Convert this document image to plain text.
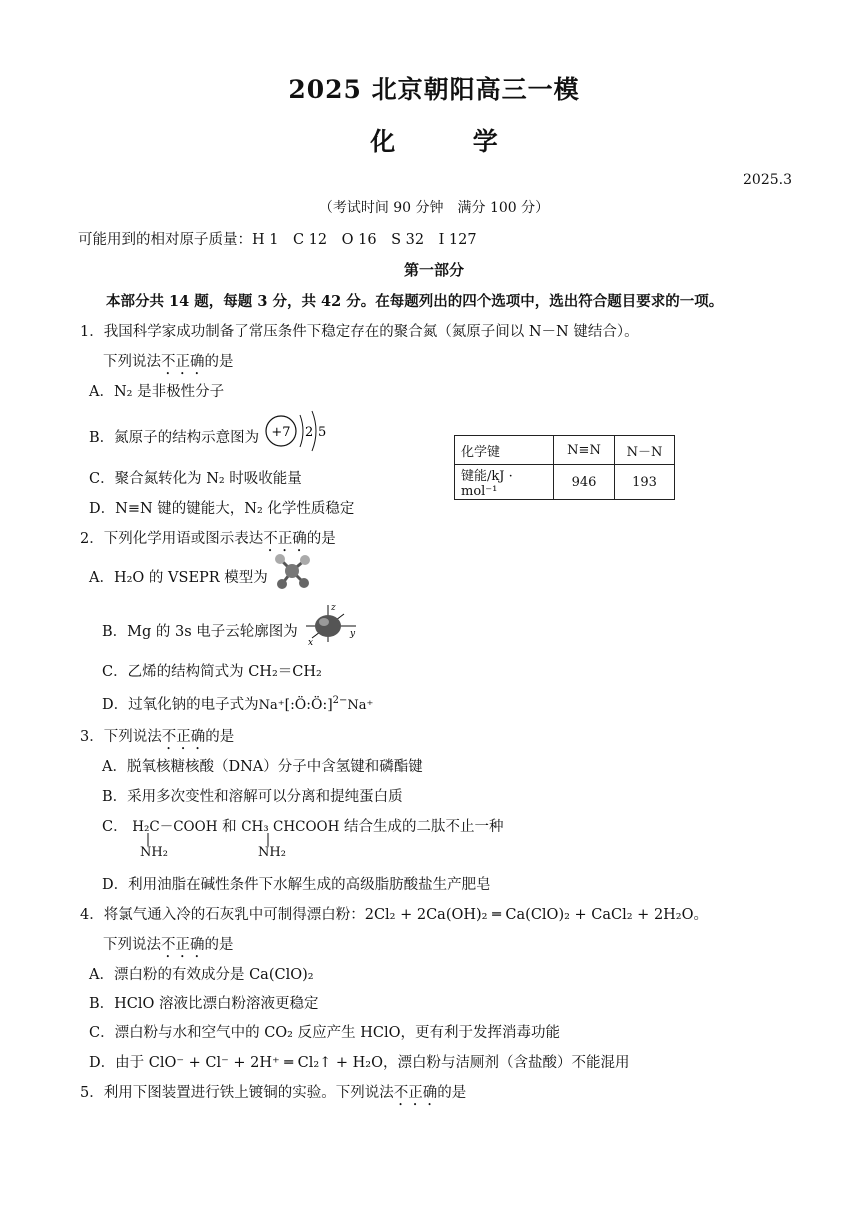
2025 北京朝阳高三一模
化	学
2025.3
（考试时间 90 分钟　满分 100 分）
可能用到的相对原子质量：H 1　C 12　O 16　S 32　I 127
第一部分
本部分共 14 题，每题 3 分，共 42 分。在每题列出的四个选项中，选出符合题目要求的一项。
1．我国科学家成功制备了常压条件下稳定存在的聚合氮（氮原子间以 N－N 键结合）。
下列说法不正确的是
A．N₂ 是非极性分子
B．氮原子的结构示意图为 +7 2 5
C．聚合氮转化为 N₂ 时吸收能量
D．N≡N 键的键能大，N₂ 化学性质稳定
化学键	N≡N	N－N
键能/kJ · mol⁻¹	946	193
2．下列化学用语或图示表达不正确的是
A．H₂O 的 VSEPR 模型为
B．Mg 的 3s 电子云轮廓图为
z
y
x
C．乙烯的结构简式为 CH₂＝CH₂
D．过氧化钠的电子式为Na⁺[:Ö:Ö:]$^{2-}$Na⁺
3．下列说法不正确的是
A．脱氧核糖核酸（DNA）分子中含氢键和磷酯键
B．采用多次变性和溶解可以分离和提纯蛋白质
C． H₂C－COOH 和 CH₃ CHCOOH 结合生成的二肽不止一种
NH₂	NH₂
D．利用油脂在碱性条件下水解生成的高级脂肪酸盐生产肥皂
4．将氯气通入冷的石灰乳中可制得漂白粉：2Cl₂ + 2Ca(OH)₂ ═ Ca(ClO)₂ + CaCl₂ + 2H₂O。
下列说法不正确的是
A．漂白粉的有效成分是 Ca(ClO)₂
B．HClO 溶液比漂白粉溶液更稳定
C．漂白粉与水和空气中的 CO₂ 反应产生 HClO，更有利于发挥消毒功能
D．由于 ClO⁻ + Cl⁻ + 2H⁺ ═ Cl₂↑ + H₂O，漂白粉与洁厕剂（含盐酸）不能混用
5．利用下图装置进行铁上镀铜的实验。下列说法不正确的是
